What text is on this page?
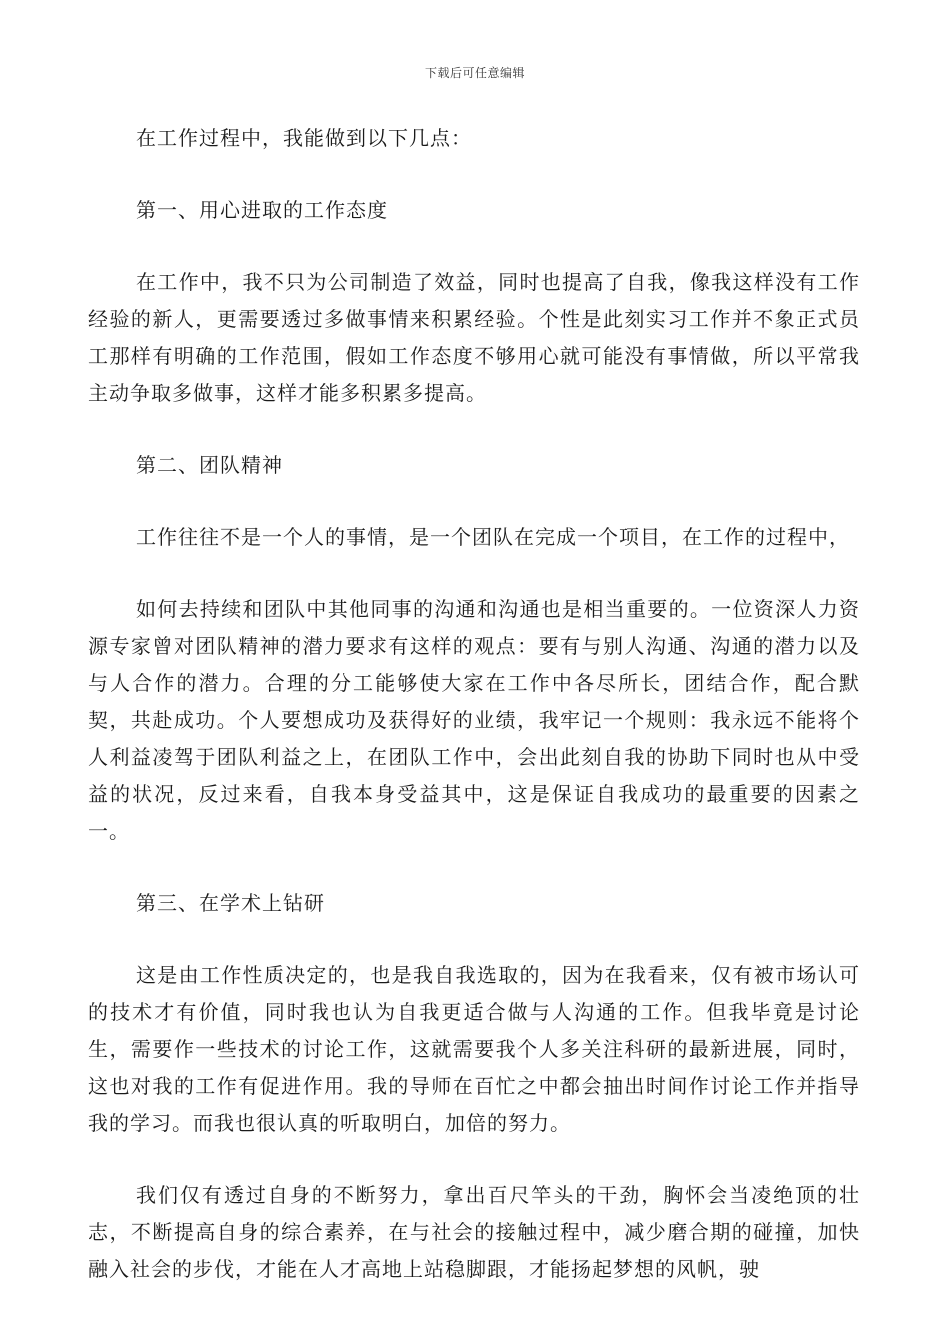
下载后可任意编辑

在工作过程中，我能做到以下几点：

第一、用心进取的工作态度

在工作中，我不只为公司制造了效益，同时也提高了自我，像我这样没有工作经验的新人，更需要透过多做事情来积累经验。个性是此刻实习工作并不象正式员工那样有明确的工作范围，假如工作态度不够用心就可能没有事情做，所以平常我主动争取多做事，这样才能多积累多提高。

第二、团队精神

工作往往不是一个人的事情，是一个团队在完成一个项目，在工作的过程中，

如何去持续和团队中其他同事的沟通和沟通也是相当重要的。一位资深人力资源专家曾对团队精神的潜力要求有这样的观点：要有与别人沟通、沟通的潜力以及与人合作的潜力。合理的分工能够使大家在工作中各尽所长，团结合作，配合默契，共赴成功。个人要想成功及获得好的业绩，我牢记一个规则：我永远不能将个人利益凌驾于团队利益之上，在团队工作中，会出此刻自我的协助下同时也从中受益的状况，反过来看，自我本身受益其中，这是保证自我成功的最重要的因素之一。

第三、在学术上钻研

这是由工作性质决定的，也是我自我选取的，因为在我看来，仅有被市场认可的技术才有价值，同时我也认为自我更适合做与人沟通的工作。但我毕竟是讨论生，需要作一些技术的讨论工作，这就需要我个人多关注科研的最新进展，同时，这也对我的工作有促进作用。我的导师在百忙之中都会抽出时间作讨论工作并指导我的学习。而我也很认真的听取明白，加倍的努力。

我们仅有透过自身的不断努力，拿出百尺竿头的干劲，胸怀会当凌绝顶的壮志，不断提高自身的综合素养，在与社会的接触过程中，减少磨合期的碰撞，加快融入社会的步伐，才能在人才高地上站稳脚跟，才能扬起梦想的风帆，驶
